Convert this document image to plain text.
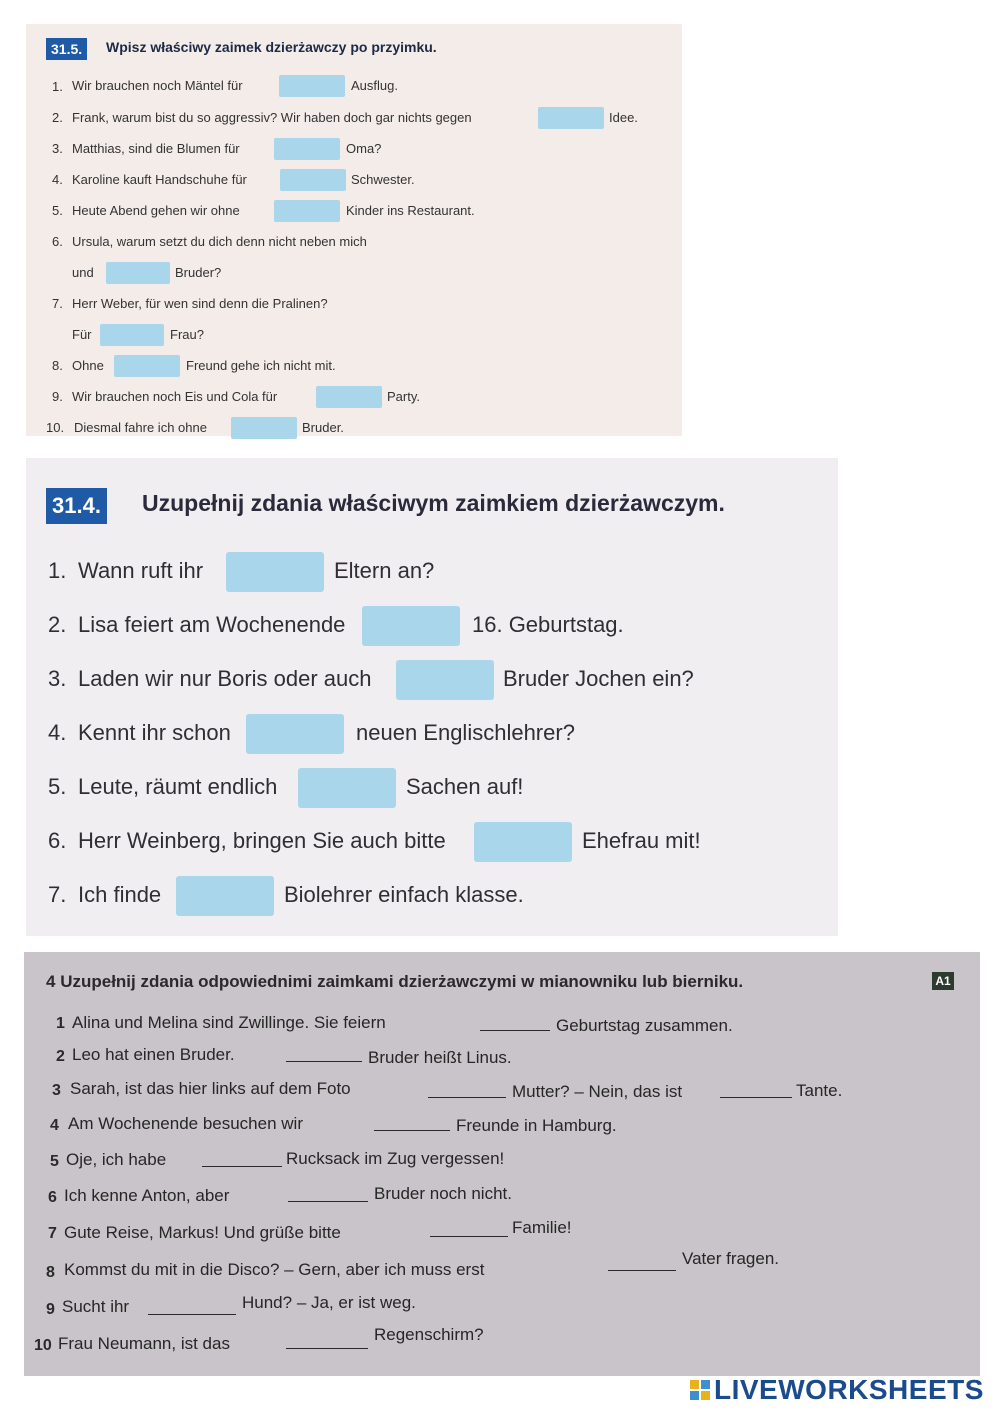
31.5.	Wpisz właściwy zaimek dzierżawczy po przyimku.
1. Wir brauchen noch Mäntel für	Ausflug.
2. Frank, warum bist du so aggressiv? Wir haben doch gar nichts gegen	Idee.
3. Matthias, sind die Blumen für	Oma?
4. Karoline kauft Handschuhe für	Schwester.
5. Heute Abend gehen wir ohne	Kinder ins Restaurant.
6. Ursula, warum setzt du dich denn nicht neben mich
und	Bruder?
7. Herr Weber, für wen sind denn die Pralinen?
Für	Frau?
8. Ohne	Freund gehe ich nicht mit.
9. Wir brauchen noch Eis und Cola für	Party.
10. Diesmal fahre ich ohne	Bruder.
31.4. Uzupełnij zdania właściwym zaimkiem dzierżawczym.
1. Wann ruft ihr	Eltern an?
2. Lisa feiert am Wochenende	16. Geburtstag.
3. Laden wir nur Boris oder auch	Bruder Jochen ein?
4. Kennt ihr schon	neuen Englischlehrer?
5. Leute, räumt endlich	Sachen auf!
6. Herr Weinberg, bringen Sie auch bitte	Ehefrau mit!
7. Ich finde	Biolehrer einfach klasse.
4 Uzupełnij zdania odpowiednimi zaimkami dzierżawczymi w mianowniku lub bierniku.	A1
1 Alina und Melina sind Zwillinge. Sie feiern	Geburtstag zusammen.
2 Leo hat einen Bruder.	Bruder heißt Linus.
3 Sarah, ist das hier links auf dem Foto	Mutter? – Nein, das ist	Tante.
4 Am Wochenende besuchen wir	Freunde in Hamburg.
5 Oje, ich habe	Rucksack im Zug vergessen!
6 Ich kenne Anton, aber	Bruder noch nicht.
7 Gute Reise, Markus! Und grüße bitte	Familie!
8 Kommst du mit in die Disco? – Gern, aber ich muss erst
Vater fragen.
9 Sucht ihr	Hund? – Ja, er ist weg.
10 Frau Neumann, ist das	Regenschirm?
LIVEWORKSHEETS
